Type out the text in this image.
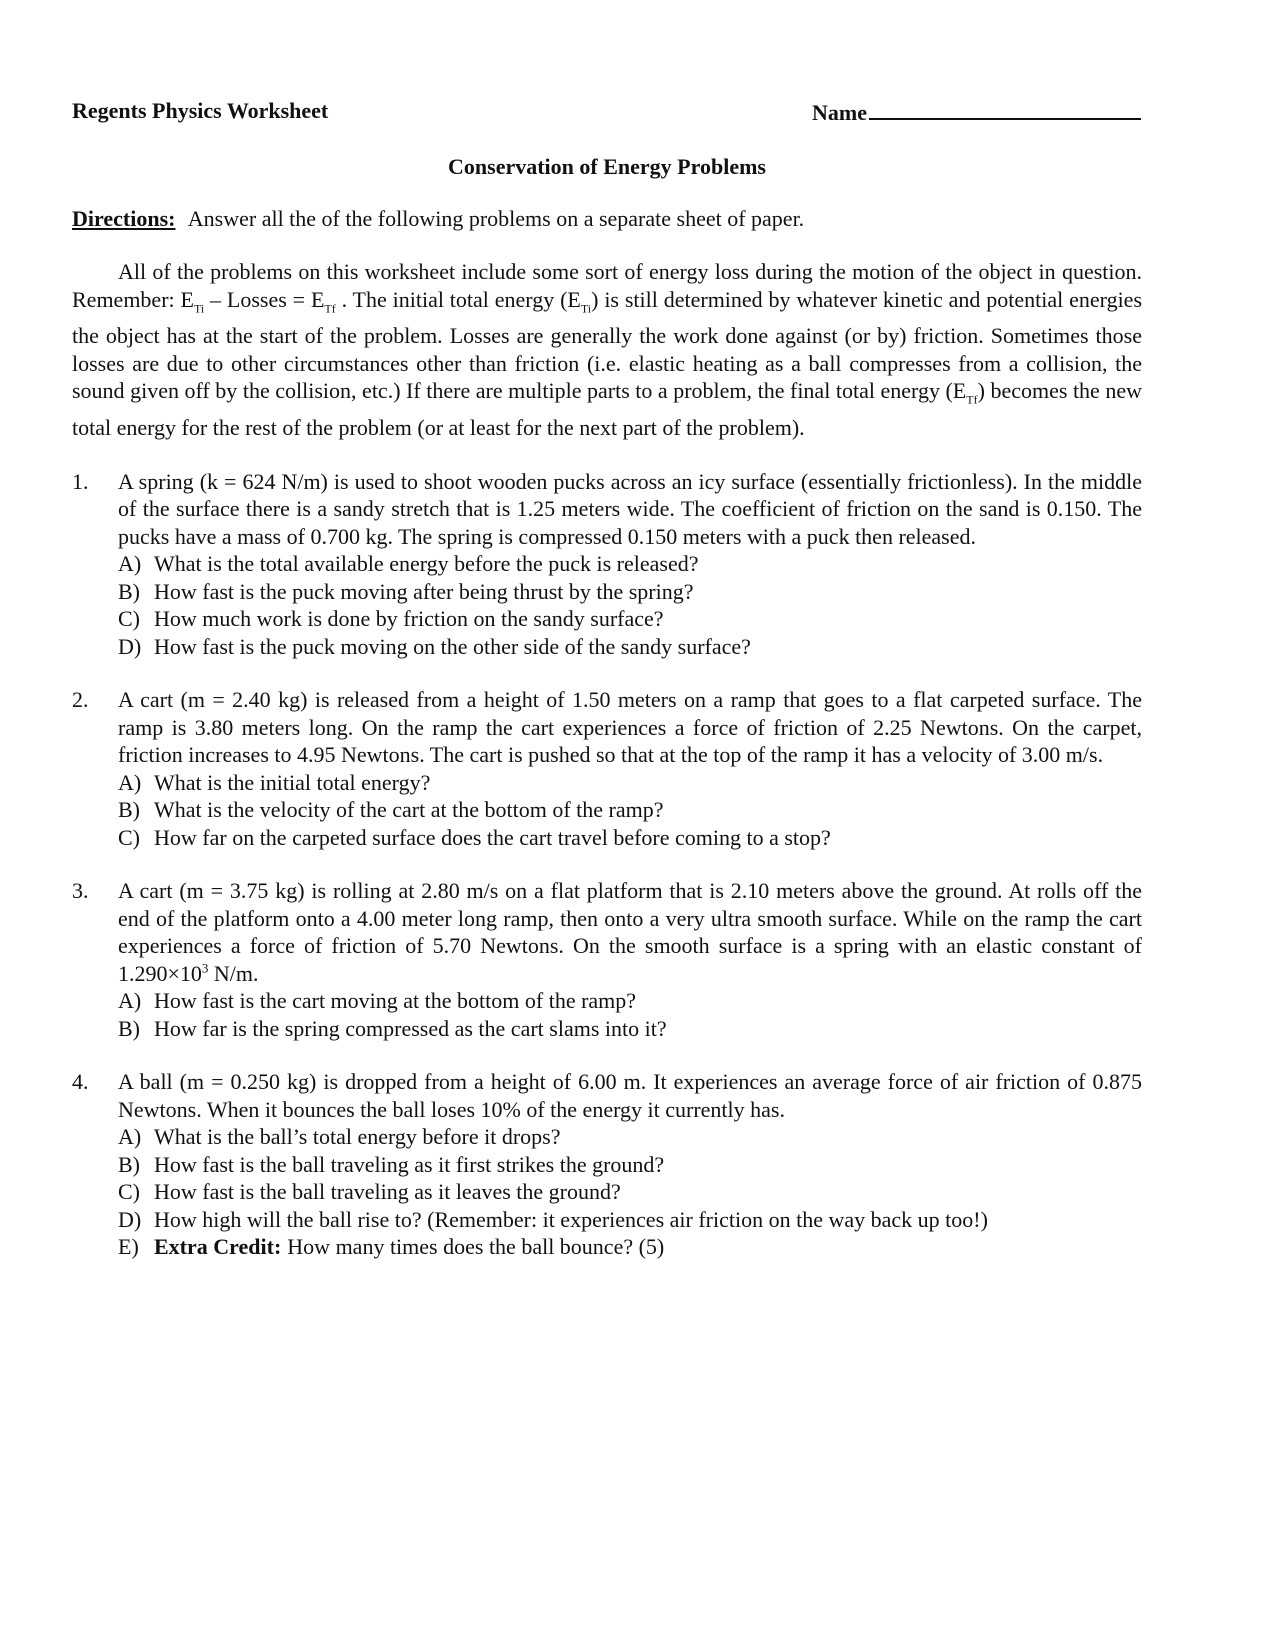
Regents Physics Worksheet	Name
Conservation of Energy Problems
Directions: Answer all the of the following problems on a separate sheet of paper.
All of the problems on this worksheet include some sort of energy loss during the motion of the object in question. Remember: $E_{Ti}$ – Losses = $E_{Tf}$ . The initial total energy $(E_{Ti})$ is still determined by whatever kinetic and potential energies the object has at the start of the problem. Losses are generally the work done against (or by) friction. Sometimes those losses are due to other circumstances other than friction (i.e. elastic heating as a ball compresses from a collision, the sound given off by the collision, etc.) If there are multiple parts to a problem, the final total energy $(E_{Tf})$ becomes the new total energy for the rest of the problem (or at least for the next part of the problem).
1. A spring (k = 624 N/m) is used to shoot wooden pucks across an icy surface (essentially frictionless). In the middle of the surface there is a sandy stretch that is 1.25 meters wide. The coefficient of friction on the sand is 0.150. The pucks have a mass of 0.700 kg. The spring is compressed 0.150 meters with a puck then released.
A) What is the total available energy before the puck is released?
B) How fast is the puck moving after being thrust by the spring?
C) How much work is done by friction on the sandy surface?
D) How fast is the puck moving on the other side of the sandy surface?
2. A cart (m = 2.40 kg) is released from a height of 1.50 meters on a ramp that goes to a flat carpeted surface. The ramp is 3.80 meters long. On the ramp the cart experiences a force of friction of 2.25 Newtons. On the carpet, friction increases to 4.95 Newtons. The cart is pushed so that at the top of the ramp it has a velocity of 3.00 m/s.
A) What is the initial total energy?
B) What is the velocity of the cart at the bottom of the ramp?
C) How far on the carpeted surface does the cart travel before coming to a stop?
3. A cart (m = 3.75 kg) is rolling at 2.80 m/s on a flat platform that is 2.10 meters above the ground. At rolls off the end of the platform onto a 4.00 meter long ramp, then onto a very ultra smooth surface. While on the ramp the cart experiences a force of friction of 5.70 Newtons. On the smooth surface is a spring with an elastic constant of $1.290\times 10^3$ N/m.
A) How fast is the cart moving at the bottom of the ramp?
B) How far is the spring compressed as the cart slams into it?
4. A ball (m = 0.250 kg) is dropped from a height of 6.00 m. It experiences an average force of air friction of 0.875 Newtons. When it bounces the ball loses 10% of the energy it currently has.
A) What is the ball’s total energy before it drops?
B) How fast is the ball traveling as it first strikes the ground?
C) How fast is the ball traveling as it leaves the ground?
D) How high will the ball rise to? (Remember: it experiences air friction on the way back up too!)
E) Extra Credit: How many times does the ball bounce? (5)
